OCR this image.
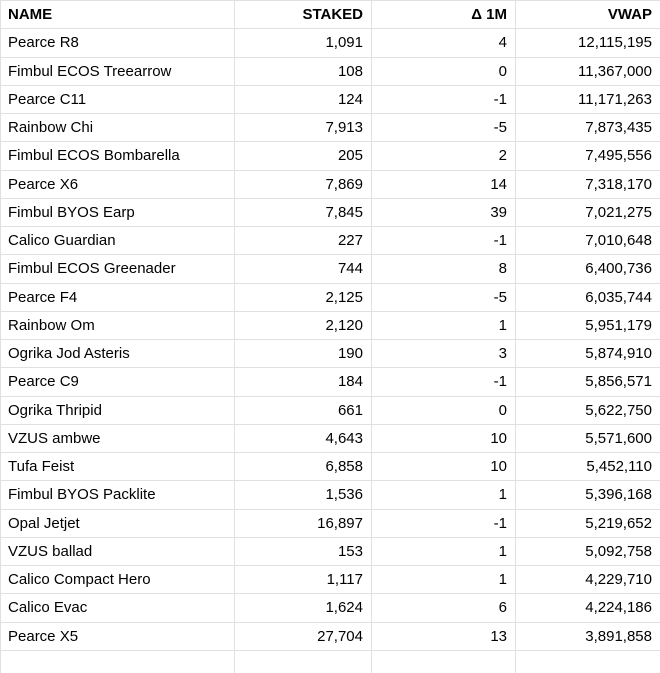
NAME	STAKED	Δ 1M	VWAP
Pearce R8	1,091	4	12,115,195
Fimbul ECOS Treearrow	108	0	11,367,000
Pearce C11	124	-1	11,171,263
Rainbow Chi	7,913	-5	7,873,435
Fimbul ECOS Bombarella	205	2	7,495,556
Pearce X6	7,869	14	7,318,170
Fimbul BYOS Earp	7,845	39	7,021,275
Calico Guardian	227	-1	7,010,648
Fimbul ECOS Greenader	744	8	6,400,736
Pearce F4	2,125	-5	6,035,744
Rainbow Om	2,120	1	5,951,179
Ogrika Jod Asteris	190	3	5,874,910
Pearce C9	184	-1	5,856,571
Ogrika Thripid	661	0	5,622,750
VZUS ambwe	4,643	10	5,571,600
Tufa Feist	6,858	10	5,452,110
Fimbul BYOS Packlite	1,536	1	5,396,168
Opal Jetjet	16,897	-1	5,219,652
VZUS ballad	153	1	5,092,758
Calico Compact Hero	1,117	1	4,229,710
Calico Evac	1,624	6	4,224,186
Pearce X5	27,704	13	3,891,858
